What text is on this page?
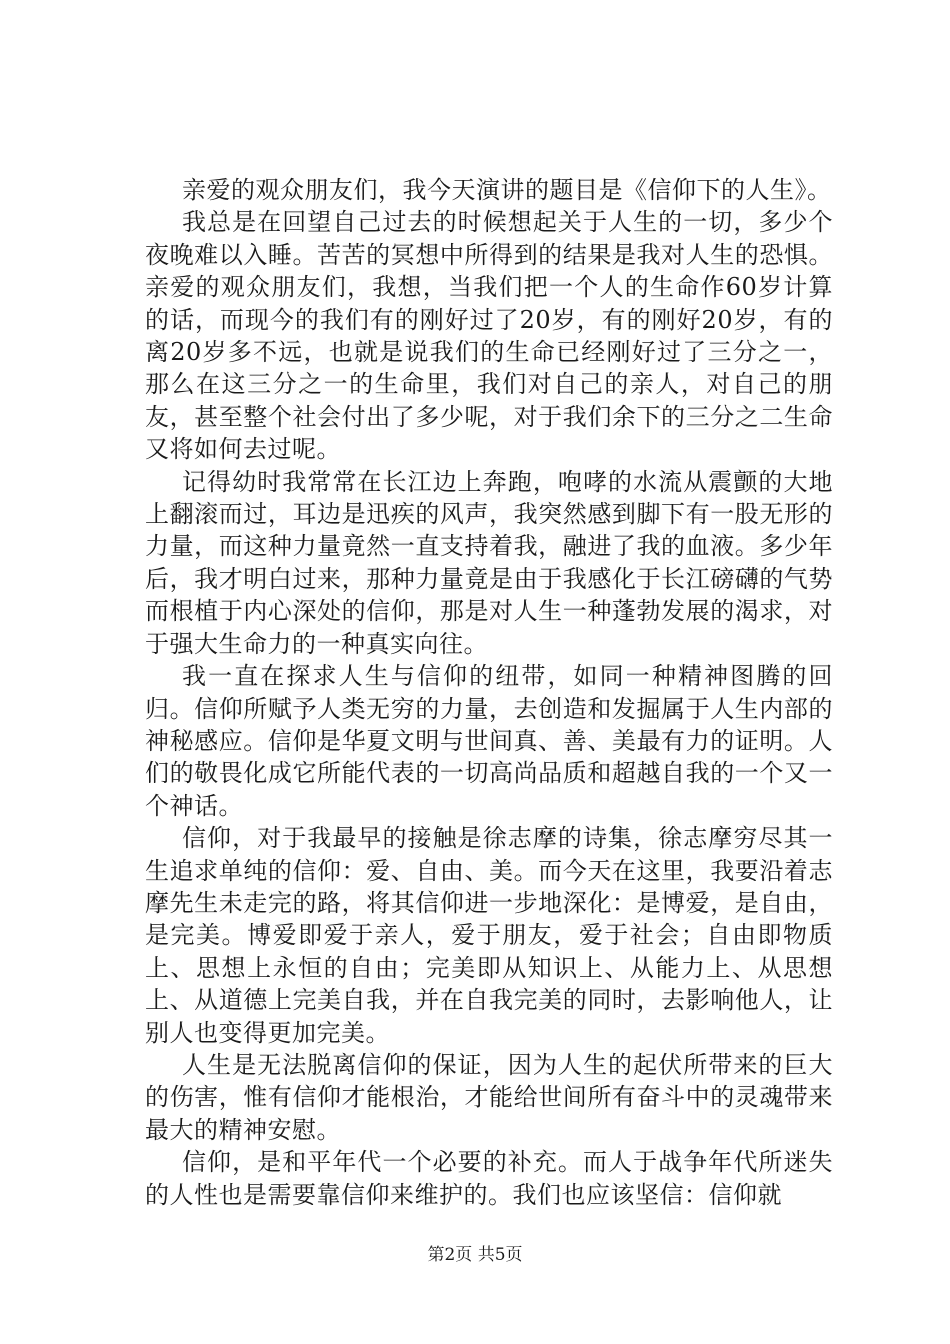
亲爱的观众朋友们，我今天演讲的题目是《信仰下的人生》。

我总是在回望自己过去的时候想起关于人生的一切，多少个夜晚难以入睡。苦苦的冥想中所得到的结果是我对人生的恐惧。亲爱的观众朋友们，我想，当我们把一个人的生命作60岁计算的话，而现今的我们有的刚好过了20岁，有的刚好20岁，有的离20岁多不远，也就是说我们的生命已经刚好过了三分之一，那么在这三分之一的生命里，我们对自己的亲人，对自己的朋友，甚至整个社会付出了多少呢，对于我们余下的三分之二生命又将如何去过呢。

记得幼时我常常在长江边上奔跑，咆哮的水流从震颤的大地上翻滚而过，耳边是迅疾的风声，我突然感到脚下有一股无形的力量，而这种力量竟然一直支持着我，融进了我的血液。多少年后，我才明白过来，那种力量竟是由于我感化于长江磅礴的气势而根植于内心深处的信仰，那是对人生一种蓬勃发展的渴求，对于强大生命力的一种真实向往。

我一直在探求人生与信仰的纽带，如同一种精神图腾的回归。信仰所赋予人类无穷的力量，去创造和发掘属于人生内部的神秘感应。信仰是华夏文明与世间真、善、美最有力的证明。人们的敬畏化成它所能代表的一切高尚品质和超越自我的一个又一个神话。

信仰，对于我最早的接触是徐志摩的诗集，徐志摩穷尽其一生追求单纯的信仰：爱、自由、美。而今天在这里，我要沿着志摩先生未走完的路，将其信仰进一步地深化：是博爱，是自由，是完美。博爱即爱于亲人，爱于朋友，爱于社会；自由即物质上、思想上永恒的自由；完美即从知识上、从能力上、从思想上、从道德上完美自我，并在自我完美的同时，去影响他人，让别人也变得更加完美。

人生是无法脱离信仰的保证，因为人生的起伏所带来的巨大的伤害，惟有信仰才能根治，才能给世间所有奋斗中的灵魂带来最大的精神安慰。

信仰，是和平年代一个必要的补充。而人于战争年代所迷失的人性也是需要靠信仰来维护的。我们也应该坚信：信仰就

第2页 共5页
